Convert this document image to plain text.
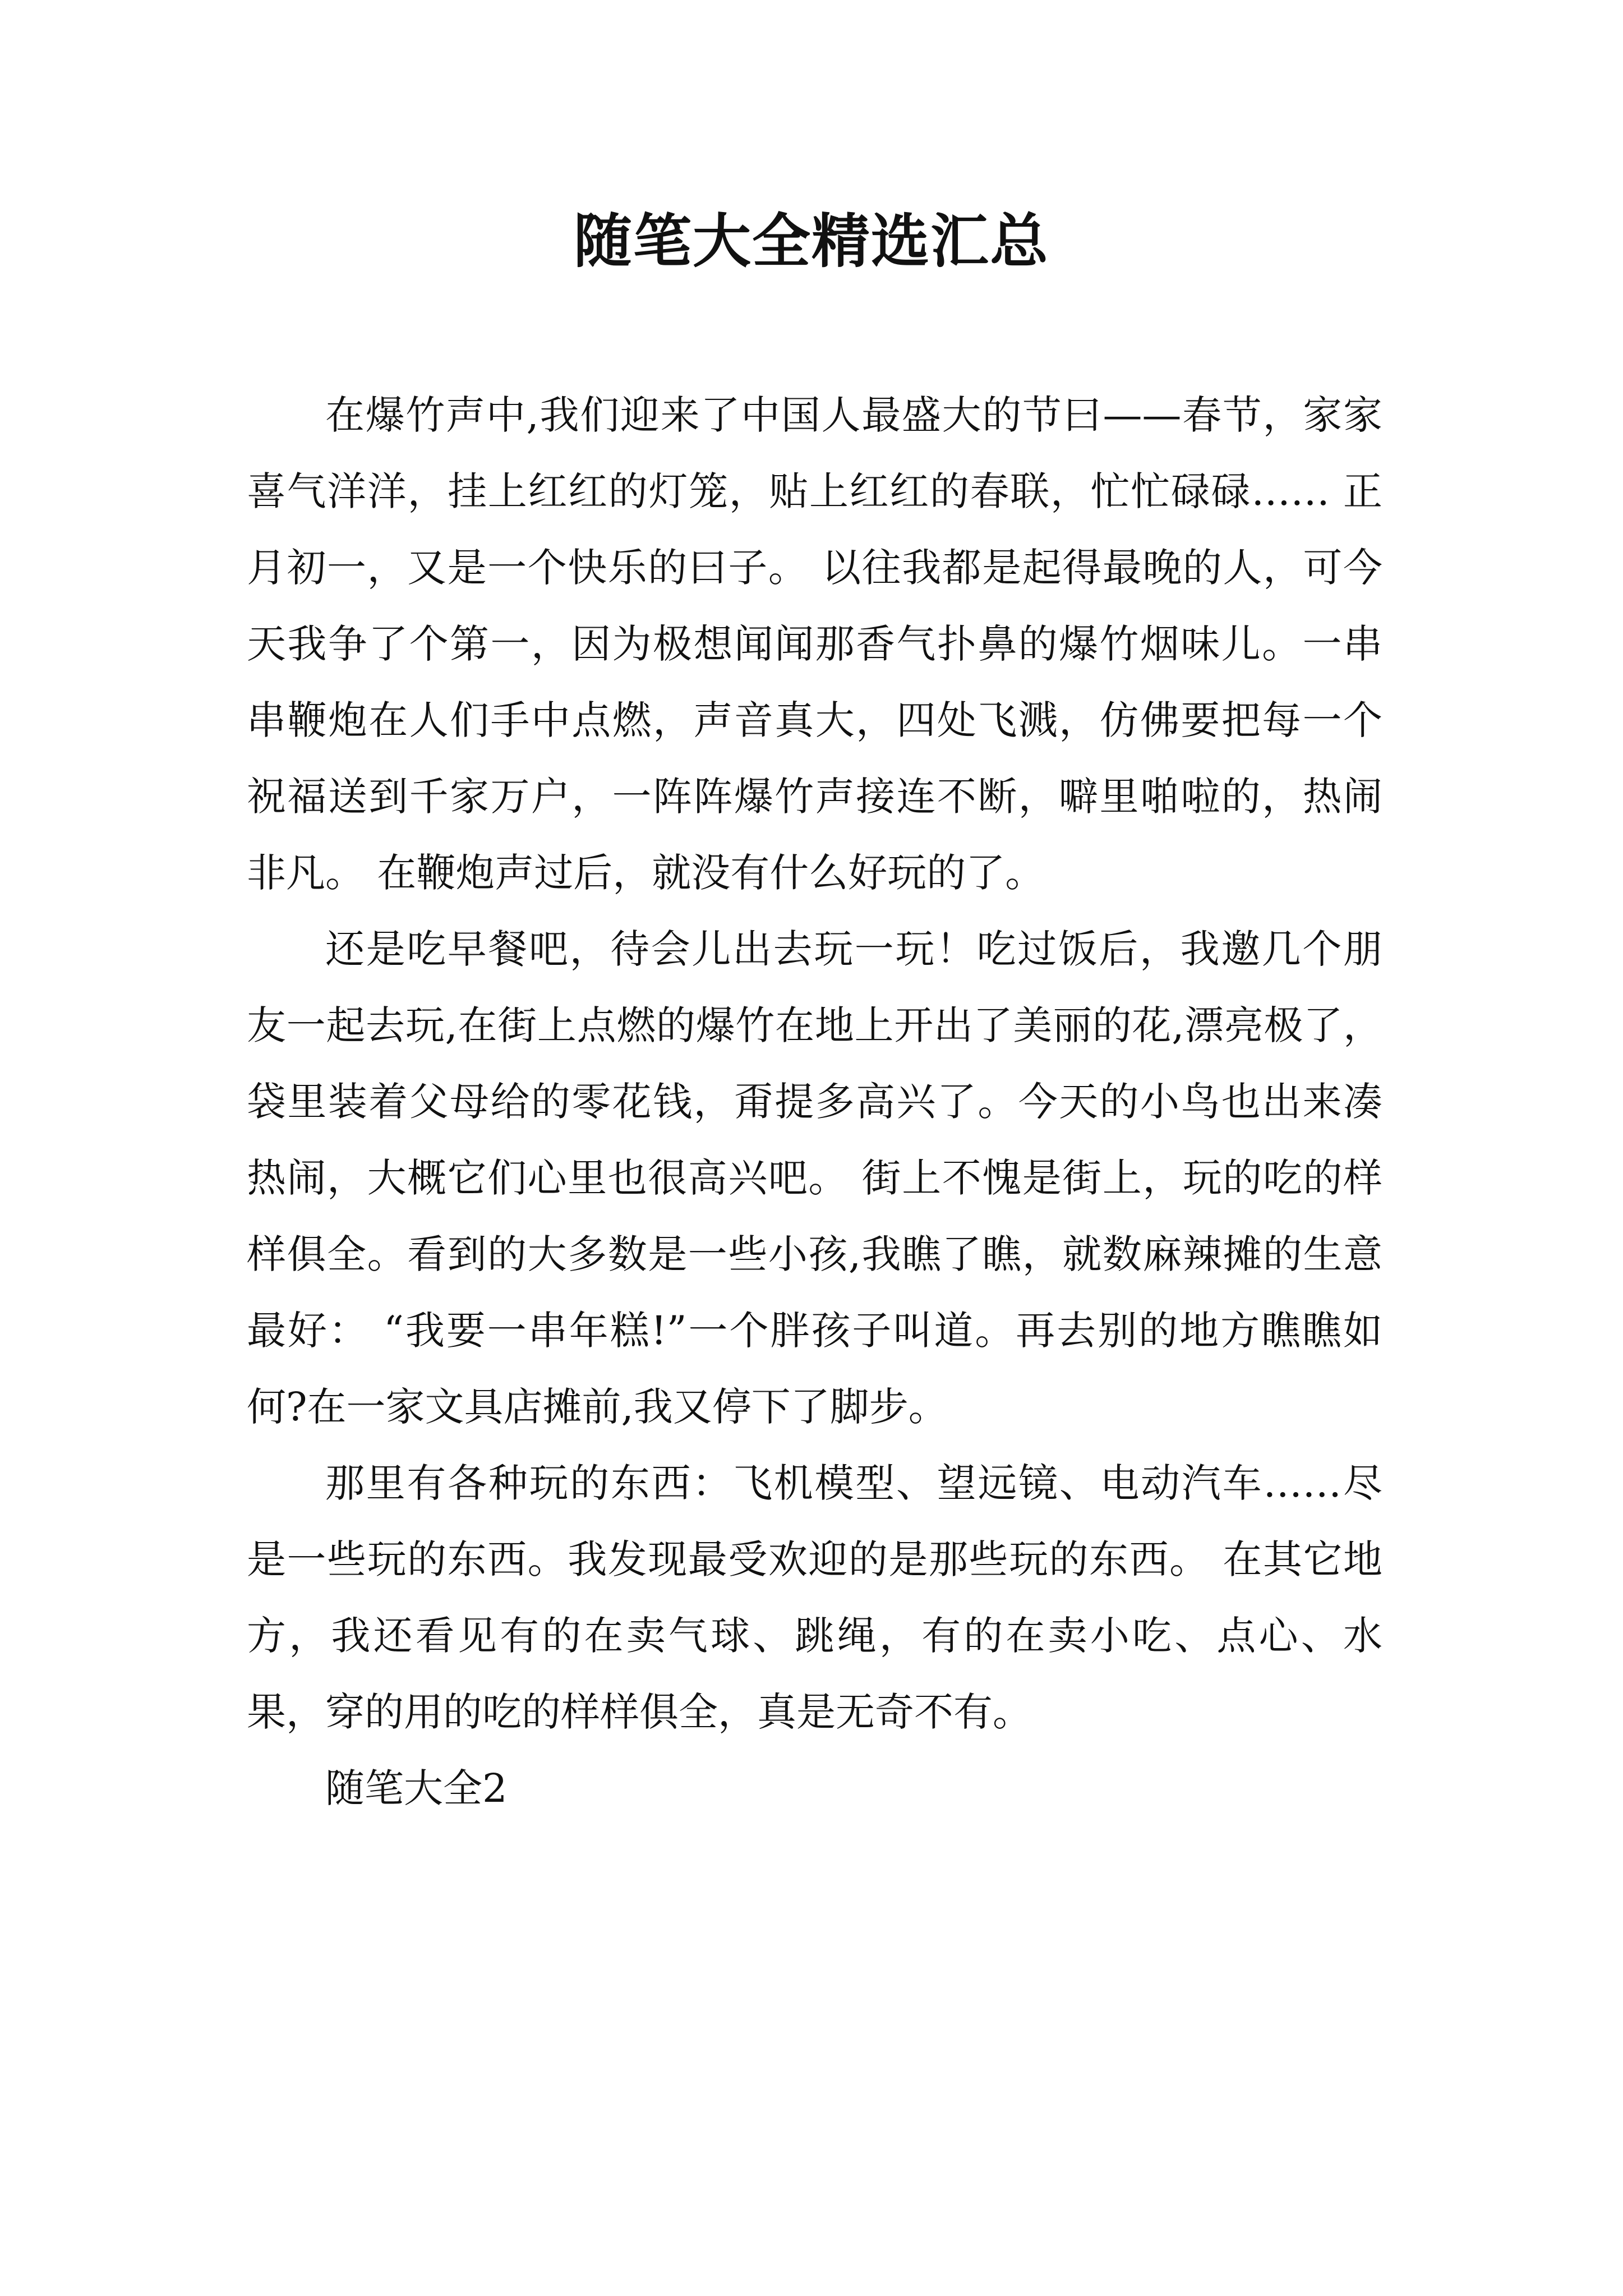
随笔大全精选汇总

在爆竹声中,我们迎来了中国人最盛大的节曰——春节，家家喜气洋洋，挂上红红的灯笼，贴上红红的春联，忙忙碌碌…… 正月初一，又是一个快乐的曰子。 以往我都是起得最晚的人，可今天我争了个第一，因为极想闻闻那香气扑鼻的爆竹烟味儿。一串串鞭炮在人们手中点燃，声音真大，四处飞溅，仿佛要把每一个祝福送到千家万户，一阵阵爆竹声接连不断，噼里啪啦的，热闹非凡。 在鞭炮声过后，就没有什么好玩的了。

还是吃早餐吧，待会儿出去玩一玩！吃过饭后，我邀几个朋友一起去玩,在街上点燃的爆竹在地上开出了美丽的花,漂亮极了，袋里装着父母给的零花钱，甭提多高兴了。今天的小鸟也出来凑热闹，大概它们心里也很高兴吧。 街上不愧是街上，玩的吃的样样俱全。看到的大多数是一些小孩,我瞧了瞧，就数麻辣摊的生意最好： “我要一串年糕!”一个胖孩子叫道。再去别的地方瞧瞧如何?在一家文具店摊前,我又停下了脚步。

那里有各种玩的东西：飞机模型、望远镜、电动汽车……尽是一些玩的东西。我发现最受欢迎的是那些玩的东西。 在其它地方，我还看见有的在卖气球、跳绳，有的在卖小吃、点心、水果，穿的用的吃的样样俱全，真是无奇不有。

随笔大全2
